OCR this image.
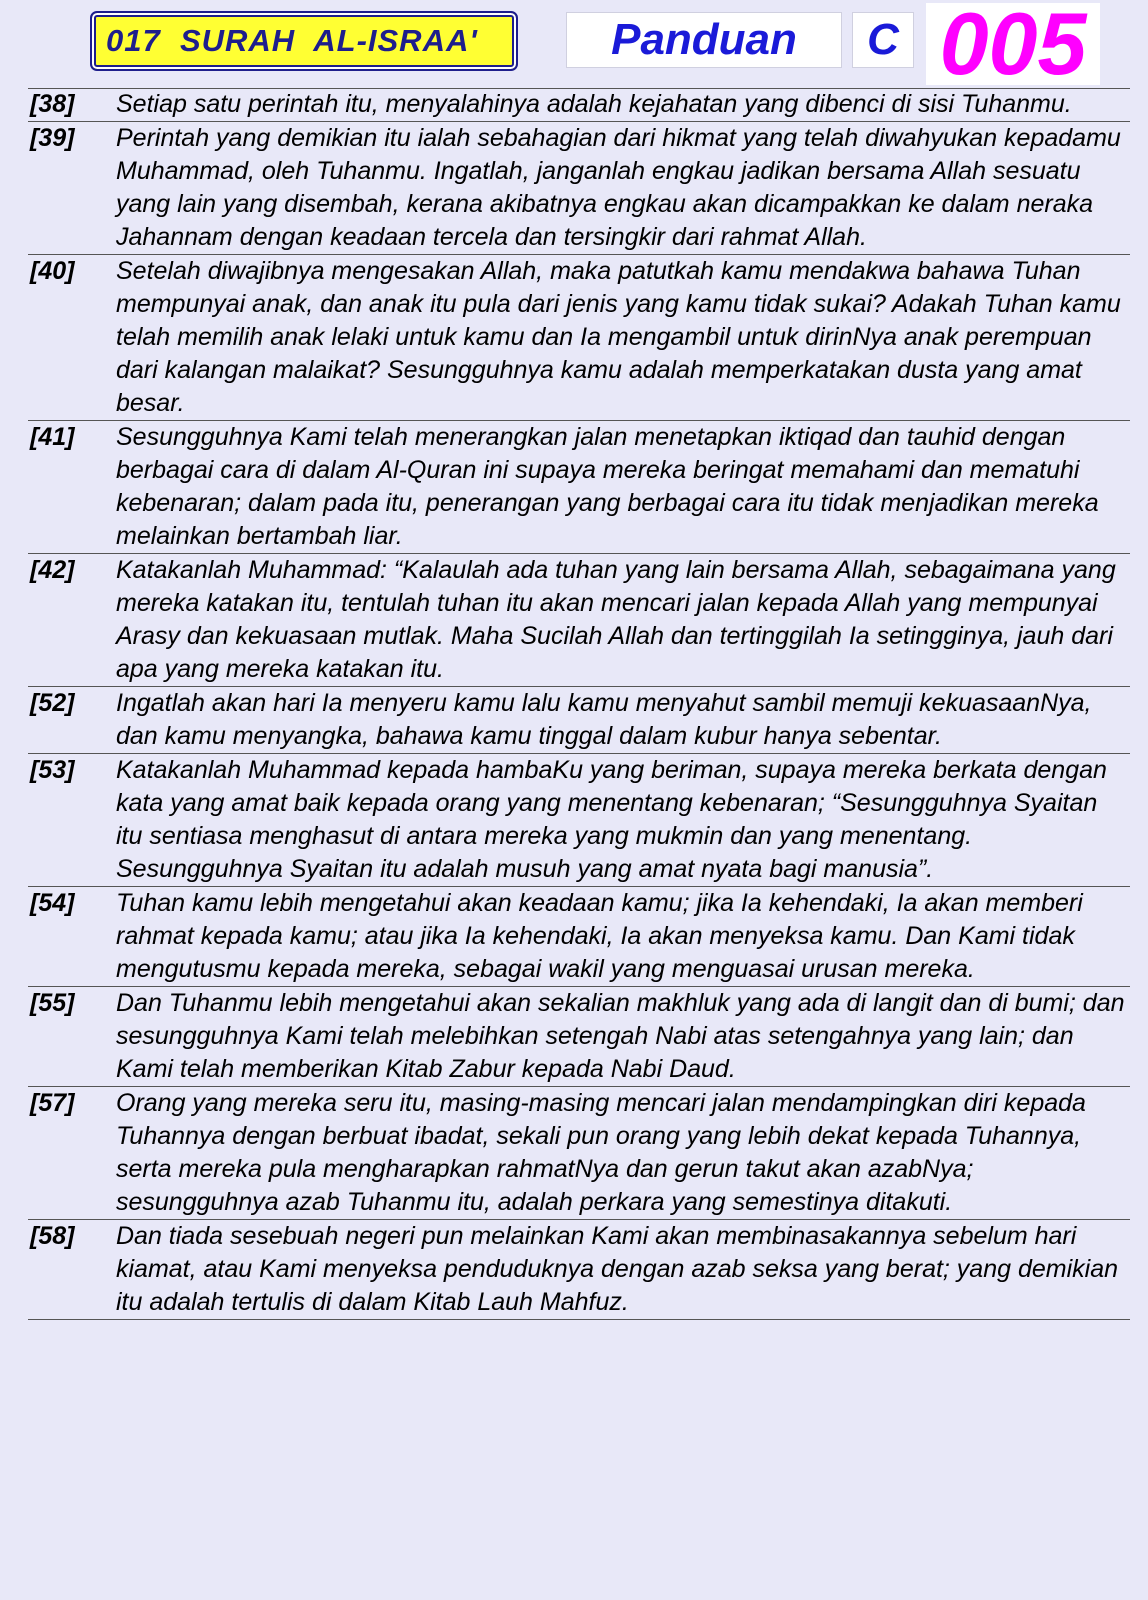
017  SURAH  AL-ISRAA'	Panduan C 005
[38]	Setiap satu perintah itu, menyalahinya adalah kejahatan yang dibenci di sisi Tuhanmu.
[39]	Perintah yang demikian itu ialah sebahagian dari hikmat yang telah diwahyukan kepadamu Muhammad, oleh Tuhanmu. Ingatlah, janganlah engkau jadikan bersama Allah sesuatu yang lain yang disembah, kerana akibatnya engkau akan dicampakkan ke dalam neraka Jahannam dengan keadaan tercela dan tersingkir dari rahmat Allah.
[40]	Setelah diwajibnya mengesakan Allah, maka patutkah kamu mendakwa bahawa Tuhan mempunyai anak, dan anak itu pula dari jenis yang kamu tidak sukai? Adakah Tuhan kamu telah memilih anak lelaki untuk kamu dan Ia mengambil untuk dirinNya anak perempuan dari kalangan malaikat? Sesungguhnya kamu adalah memperkatakan dusta yang amat besar.
[41]	Sesungguhnya Kami telah menerangkan jalan menetapkan iktiqad dan tauhid dengan berbagai cara di dalam Al-Quran ini supaya mereka beringat memahami dan mematuhi kebenaran; dalam pada itu, penerangan yang berbagai cara itu tidak menjadikan mereka melainkan bertambah liar.
[42]	Katakanlah Muhammad: “Kalaulah ada tuhan yang lain bersama Allah, sebagaimana yang mereka katakan itu, tentulah tuhan itu akan mencari jalan kepada Allah yang mempunyai Arasy dan kekuasaan mutlak. Maha Sucilah Allah dan tertinggilah Ia setingginya, jauh dari apa yang mereka katakan itu.
[52]	Ingatlah akan hari Ia menyeru kamu lalu kamu menyahut sambil memuji kekuasaanNya, dan kamu menyangka, bahawa kamu tinggal dalam kubur hanya sebentar.
[53]	Katakanlah Muhammad kepada hambaKu yang beriman, supaya mereka berkata dengan kata yang amat baik kepada orang yang menentang kebenaran; “Sesungguhnya Syaitan itu sentiasa menghasut di antara mereka yang mukmin dan yang menentang. Sesungguhnya Syaitan itu adalah musuh yang amat nyata bagi manusia”.
[54]	Tuhan kamu lebih mengetahui akan keadaan kamu; jika Ia kehendaki, Ia akan memberi rahmat kepada kamu; atau jika Ia kehendaki, Ia akan menyeksa kamu. Dan Kami tidak mengutusmu kepada mereka, sebagai wakil yang menguasai urusan mereka.
[55]	Dan Tuhanmu lebih mengetahui akan sekalian makhluk yang ada di langit dan di bumi; dan sesungguhnya Kami telah melebihkan setengah Nabi atas setengahnya yang lain; dan Kami telah memberikan Kitab Zabur kepada Nabi Daud.
[57]	Orang yang mereka seru itu, masing-masing mencari jalan mendampingkan diri kepada Tuhannya dengan berbuat ibadat, sekali pun orang yang lebih dekat kepada Tuhannya, serta mereka pula mengharapkan rahmatNya dan gerun takut akan azabNya; sesungguhnya azab Tuhanmu itu, adalah perkara yang semestinya ditakuti.
[58]	Dan tiada sesebuah negeri pun melainkan Kami akan membinasakannya sebelum hari kiamat, atau Kami menyeksa penduduknya dengan azab seksa yang berat; yang demikian itu adalah tertulis di dalam Kitab Lauh Mahfuz.
